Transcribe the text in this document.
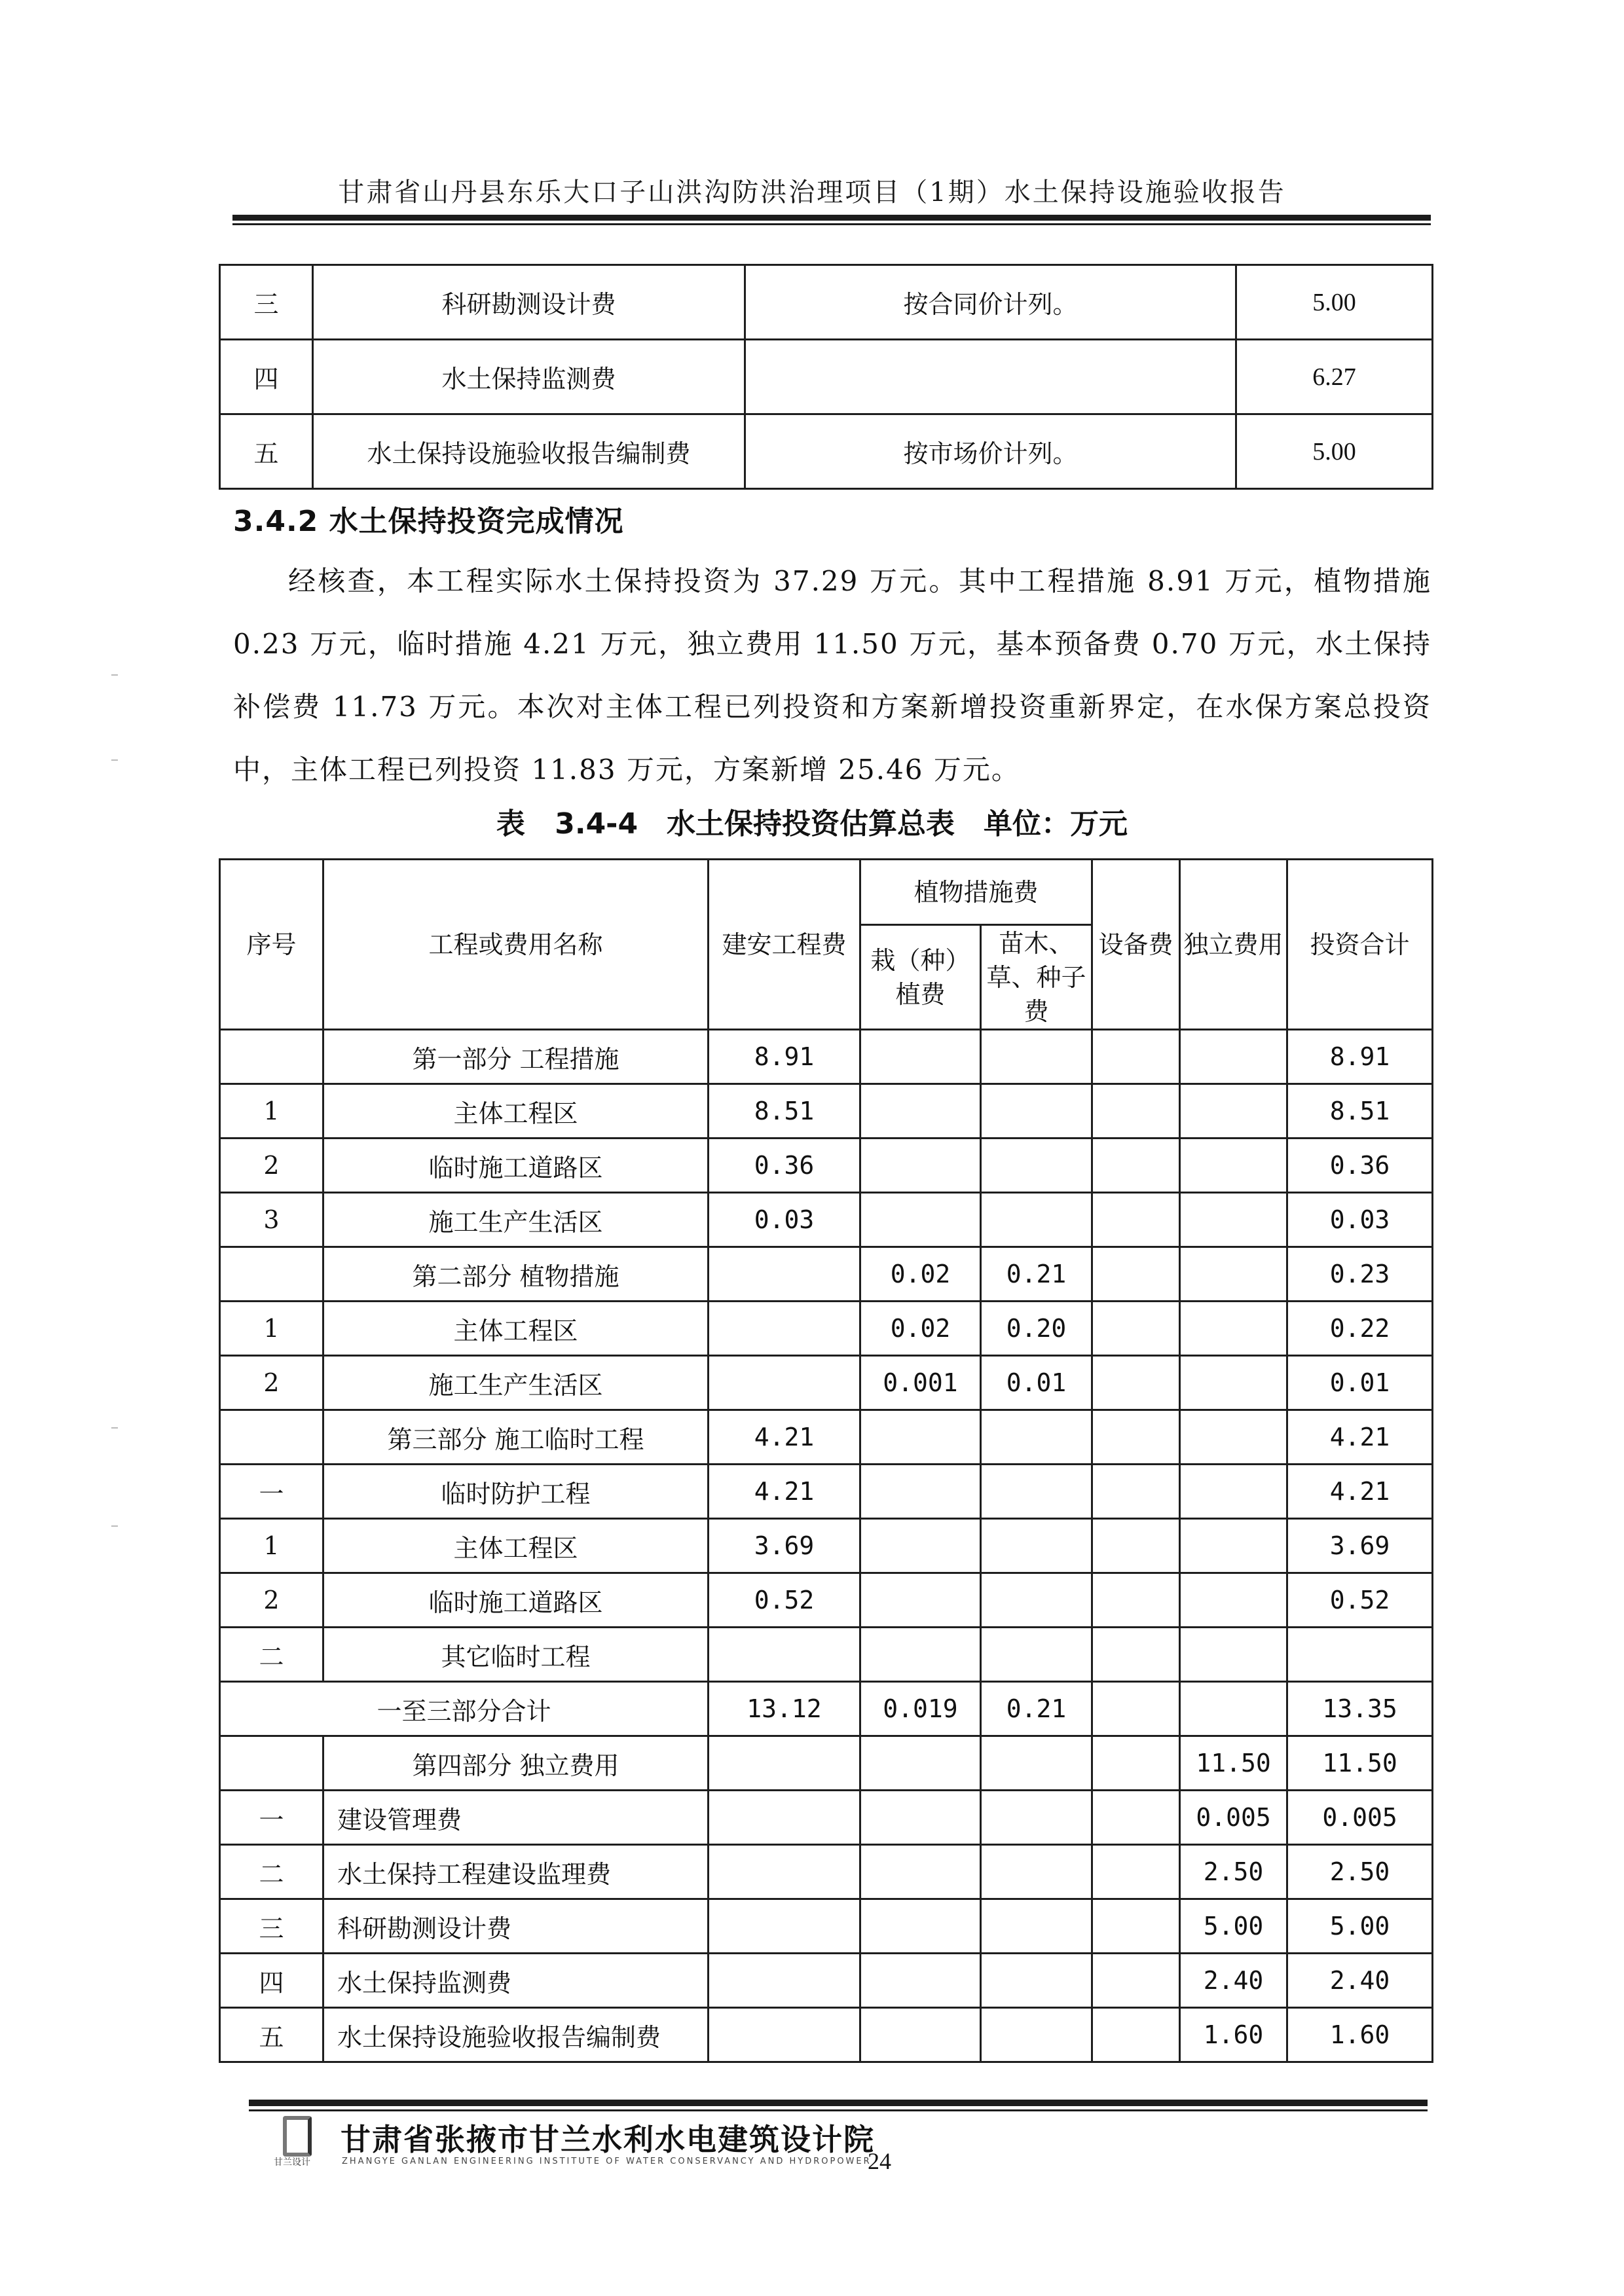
甘肃省山丹县东乐大口子山洪沟防洪治理项目（1期）水土保持设施验收报告
三	科研勘测设计费	按合同价计列。	5.00
四	水土保持监测费		6.27
五	水土保持设施验收报告编制费	按市场价计列。	5.00
3.4.2 水土保持投资完成情况
经核查，本工程实际水土保持投资为 37.29 万元。其中工程措施 8.91 万元，植物措施 0.23 万元，临时措施 4.21 万元，独立费用 11.50 万元，基本预备费 0.70 万元，水土保持补偿费 11.73 万元。本次对主体工程已列投资和方案新增投资重新界定，在水保方案总投资中，主体工程已列投资 11.83 万元，方案新增 25.46 万元。
表 3.4-4　水土保持投资估算总表　单位：万元
序号	工程或费用名称	建安工程费	植物措施费		设备费	独立费用	投资合计
			栽（种）植费	苗木、草、种子费			
	第一部分 工程措施	8.91					8.91
1	主体工程区	8.51					8.51
2	临时施工道路区	0.36					0.36
3	施工生产生活区	0.03					0.03
	第二部分 植物措施		0.02	0.21			0.23
1	主体工程区		0.02	0.20			0.22
2	施工生产生活区		0.001	0.01			0.01
	第三部分 施工临时工程	4.21					4.21
一	临时防护工程	4.21					4.21
1	主体工程区	3.69					3.69
2	临时施工道路区	0.52					0.52
二	其它临时工程						
一至三部分合计		13.12	0.019	0.21			13.35
	第四部分 独立费用					11.50	11.50
一	建设管理费					0.005	0.005
二	水土保持工程建设监理费					2.50	2.50
三	科研勘测设计费					5.00	5.00
四	水土保持监测费					2.40	2.40
五	水土保持设施验收报告编制费					1.60	1.60
甘兰设计
甘肃省张掖市甘兰水利水电建筑设计院
ZHANGYE GANLAN ENGINEERING INSTITUTE OF WATER CONSERVANCY AND HYDROPOWER
24
